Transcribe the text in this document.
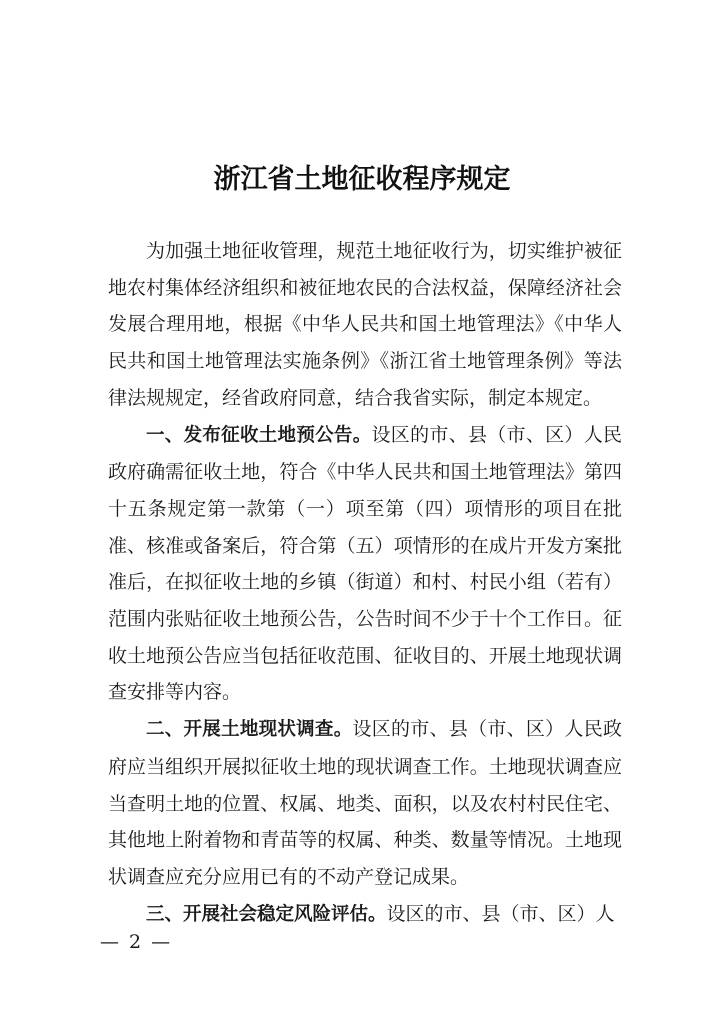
浙江省土地征收程序规定

为加强土地征收管理，规范土地征收行为，切实维护被征地农村集体经济组织和被征地农民的合法权益，保障经济社会发展合理用地，根据《中华人民共和国土地管理法》《中华人民共和国土地管理法实施条例》《浙江省土地管理条例》等法律法规规定，经省政府同意，结合我省实际，制定本规定。

一、发布征收土地预公告。设区的市、县（市、区）人民政府确需征收土地，符合《中华人民共和国土地管理法》第四十五条规定第一款第（一）项至第（四）项情形的项目在批准、核准或备案后，符合第（五）项情形的在成片开发方案批准后，在拟征收土地的乡镇（街道）和村、村民小组（若有）范围内张贴征收土地预公告，公告时间不少于十个工作日。征收土地预公告应当包括征收范围、征收目的、开展土地现状调查安排等内容。

二、开展土地现状调查。设区的市、县（市、区）人民政府应当组织开展拟征收土地的现状调查工作。土地现状调查应当查明土地的位置、权属、地类、面积，以及农村村民住宅、其他地上附着物和青苗等的权属、种类、数量等情况。土地现状调查应充分应用已有的不动产登记成果。

三、开展社会稳定风险评估。设区的市、县（市、区）人

— 2 —
